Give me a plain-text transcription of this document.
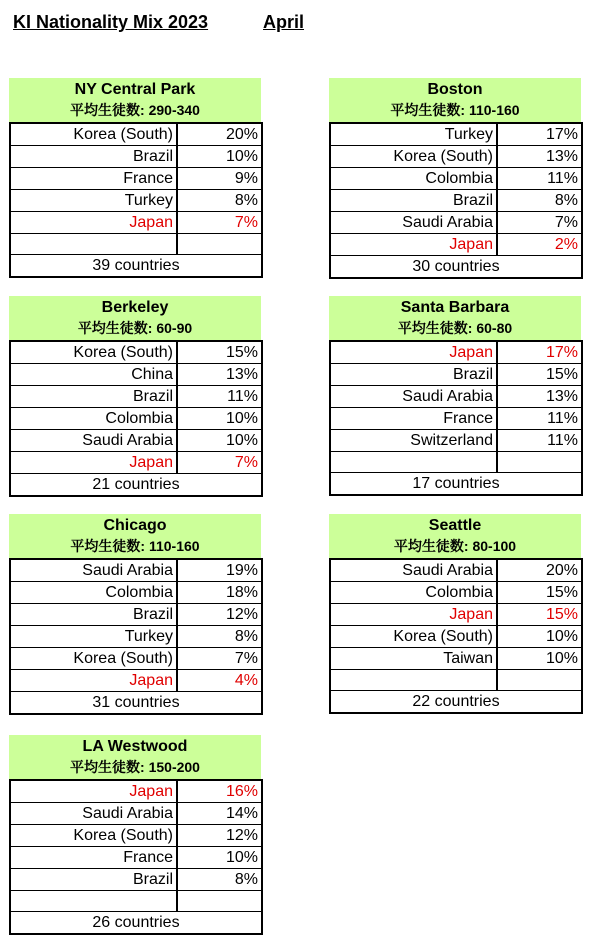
KI Nationality Mix 2023	April
NY Central Park
平均生徒数: 290-340
Korea (South)	20%
Brazil	10%
France	9%
Turkey	8%
Japan	7%

39 countries	
Boston
平均生徒数: 110-160
Turkey	17%
Korea (South)	13%
Colombia	11%
Brazil	8%
Saudi Arabia	7%
Japan	2%
30 countries	
Berkeley
平均生徒数: 60-90
Korea (South)	15%
China	13%
Brazil	11%
Colombia	10%
Saudi Arabia	10%
Japan	7%
21 countries	
Santa Barbara
平均生徒数: 60-80
Japan	17%
Brazil	15%
Saudi Arabia	13%
France	11%
Switzerland	11%

17 countries	
Chicago
平均生徒数: 110-160
Saudi Arabia	19%
Colombia	18%
Brazil	12%
Turkey	8%
Korea (South)	7%
Japan	4%
31 countries	
Seattle
平均生徒数: 80-100
Saudi Arabia	20%
Colombia	15%
Japan	15%
Korea (South)	10%
Taiwan	10%

22 countries	
LA Westwood
平均生徒数: 150-200
Japan	16%
Saudi Arabia	14%
Korea (South)	12%
France	10%
Brazil	8%

26 countries	
